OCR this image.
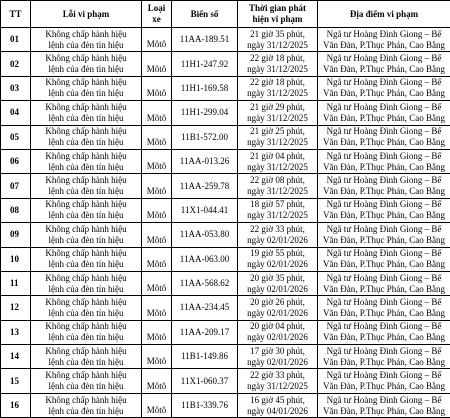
TT	Lỗi vi phạm	Loại
xe	Biển số	Thời gian phát
hiện vi phạm	Địa điểm vi phạm
01	Không chấp hành hiệu
lệnh của đèn tín hiệu	Môtô	11AA-189.51	21 giờ 35 phút,
ngày 31/12/2025	Ngã tư Hoàng Đình Giong – Bế
Văn Đàn, P.Thục Phán, Cao Bằng

02	Không chấp hành hiệu
lệnh của đèn tín hiệu	Môtô	11H1-247.92	22 giờ 18 phút,
ngày 31/12/2025	Ngã tư Hoàng Đình Giong – Bế
Văn Đàn, P.Thục Phán, Cao Bằng

03	Không chấp hành hiệu
lệnh của đèn tín hiệu	Môtô	11H1-169.58	22 giờ 18 phút,
ngày 31/12/2025	Ngã tư Hoàng Đình Giong – Bế
Văn Đàn, P.Thục Phán, Cao Bằng

04	Không chấp hành hiệu
lệnh của đèn tín hiệu	Môtô	11H1-299.04	21 giờ 29 phút,
ngày 31/12/2025	Ngã tư Hoàng Đình Giong – Bế
Văn Đàn, P.Thục Phán, Cao Bằng

05	Không chấp hành hiệu
lệnh của đèn tín hiệu	Môtô	11B1-572.00	21 giờ 25 phút,
ngày 31/12/2025	Ngã tư Hoàng Đình Giong – Bế
Văn Đàn, P.Thục Phán, Cao Bằng

06	Không chấp hành hiệu
lệnh của đèn tín hiệu	Môtô	11AA-013.26	21 giờ 04 phút,
ngày 31/12/2025	Ngã tư Hoàng Đình Giong – Bế
Văn Đàn, P.Thục Phán, Cao Bằng

07	Không chấp hành hiệu
lệnh của đèn tín hiệu	Môtô	11AA-259.78	22 giờ 08 phút,
ngày 31/12/2025	Ngã tư Hoàng Đình Giong – Bế
Văn Đàn, P.Thục Phán, Cao Bằng

08	Không chấp hành hiệu
lệnh của đèn tín hiệu	Môtô	11X1-044.41	18 giờ 57 phút,
ngày 31/12/2025	Ngã tư Hoàng Đình Giong – Bế
Văn Đàn, P.Thục Phán, Cao Bằng

09	Không chấp hành hiệu
lệnh của đèn tín hiệu	Môtô	11AA-053.80	22 giờ 33 phút,
ngày 02/01/2026	Ngã tư Hoàng Đình Giong – Bế
Văn Đàn, P.Thục Phán, Cao Bằng

10	Không chấp hành hiệu
lệnh của đèn tín hiệu	Môtô	11AA-063.00	19 giờ 55 phút,
ngày 02/01/2026	Ngã tư Hoàng Đình Giong – Bế
Văn Đàn, P.Thục Phán, Cao Bằng

11	Không chấp hành hiệu
lệnh của đèn tín hiệu	Môtô	11AA-568.62	20 giờ 35 phút,
ngày 02/01/2026	Ngã tư Hoàng Đình Giong – Bế
Văn Đàn, P.Thục Phán, Cao Bằng

12	Không chấp hành hiệu
lệnh của đèn tín hiệu	Môtô	11AA-234.45	20 giờ 26 phút,
ngày 02/01/2026	Ngã tư Hoàng Đình Giong – Bế
Văn Đàn, P.Thục Phán, Cao Bằng

13	Không chấp hành hiệu
lệnh của đèn tín hiệu	Môtô	11AA-209.17	20 giờ 04 phút,
ngày 02/01/2026	Ngã tư Hoàng Đình Giong – Bế
Văn Đàn, P.Thục Phán, Cao Bằng

14	Không chấp hành hiệu
lệnh của đèn tín hiệu	Môtô	11B1-149.86	17 giờ 30 phút,
ngày 02/01/2026	Ngã tư Hoàng Đình Giong – Bế
Văn Đàn, P.Thục Phán, Cao Bằng

15	Không chấp hành hiệu
lệnh của đèn tín hiệu	Môtô	11X1-060.37	22 giờ 33 phút,
ngày 31/12/2025	Ngã tư Hoàng Đình Giong – Bế
Văn Đàn, P.Thục Phán, Cao Bằng

16	Không chấp hành hiệu
lệnh của đèn tín hiệu	Môtô	11B1-339.76	16 giờ 45 phút,
ngày 04/01/2026	Ngã tư Hoàng Đình Giong – Bế
Văn Đàn, P.Thục Phán, Cao Bằng
